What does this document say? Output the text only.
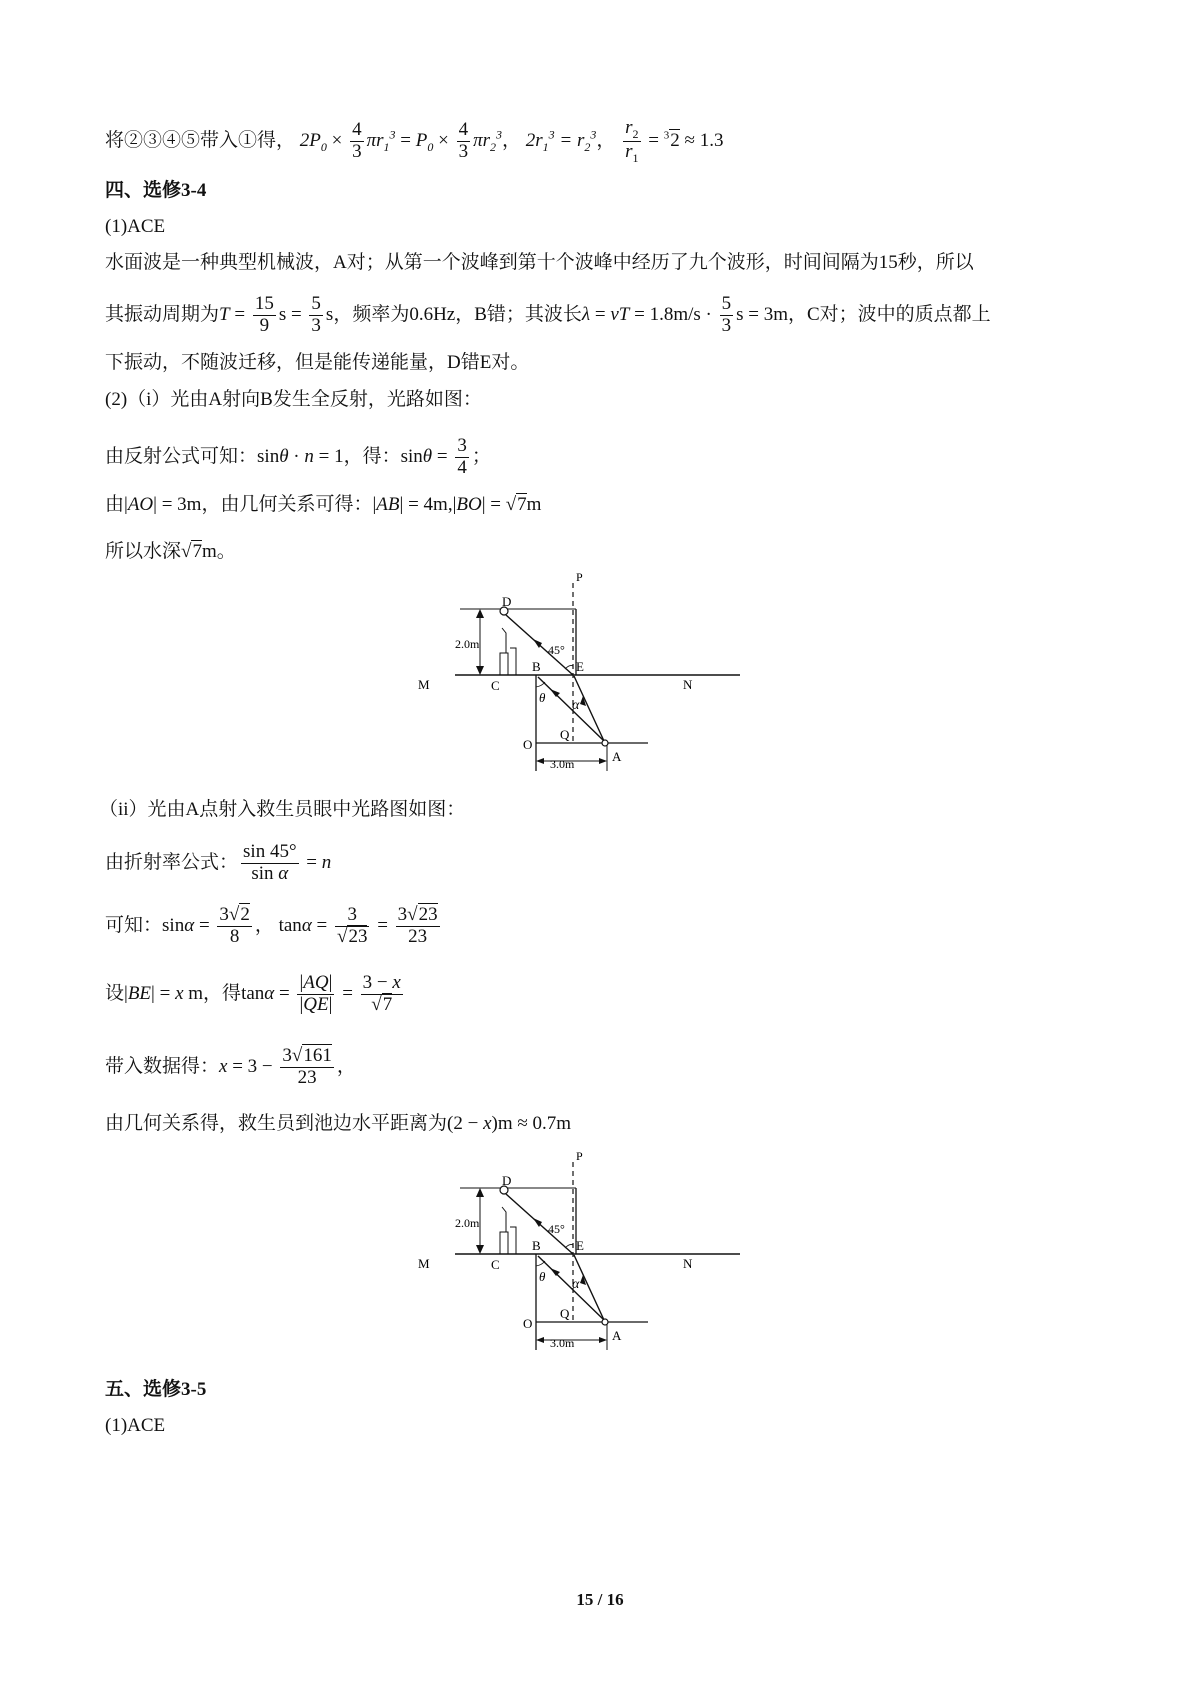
将②③④⑤带入①得， $2P_0 \times \frac{4}{3} \pi r_1^3 = P_0 \times \frac{4}{3} \pi r_2^3$， $2r_1^3 = r_2^3$， $\frac{r_2}{r_1} = ^32 \approx 1.3$
四、选修3-4
(1)ACE
水面波是一种典型机械波，A对；从第一个波峰到第十个波峰中经历了九个波形，时间间隔为15秒，所以
其振动周期为$T = \frac{15}{9}$ $s = \frac{5}{3}$ s，频率为0.6Hz，B错；其波长λ = vT = $1.8m/s \cdot \frac{5}{3}$ s = 3m，C对；波中的质点都上
下振动，不随波迁移，但是能传递能量，D错E对。
(2)（i）光由A射向B发生全反射，光路如图：
由反射公式可知：sinθ · n = 1，得：$\sin\theta = \frac{3}{4}$ ；
由|AO| = 3m，由几何关系可得：|AB| = 4m,|BO| = √7m
所以水深√7m。
P
D
2.0m	45°
B	E
M	C	N
θ
α
O
Q
A
3.0m
（ii）光由A点射入救生员眼中光路图如图：
由折射率公式： $\frac{\sin 45^\circ}{\text{sin α}} = n$
可知：$\sin\alpha = \frac{3√2}{8}$ ， $\tan\alpha = \frac{3}{√23} = \frac{3√23}{23}$
设|BE| = x m，得$\tan\alpha = \frac{|AQ|}{|QE|} = \frac{3 - x}{√7}$
带入数据得：$x = 3 - \frac{3√161}{23}$ ，
由几何关系得，救生员到池边水平距离为(2 − x)m ≈ 0.7m
P
D
2.0m	45°
B	E
M	C	N
θ
α
O
Q
A
3.0m
五、选修3-5
(1)ACE
15 / 16
